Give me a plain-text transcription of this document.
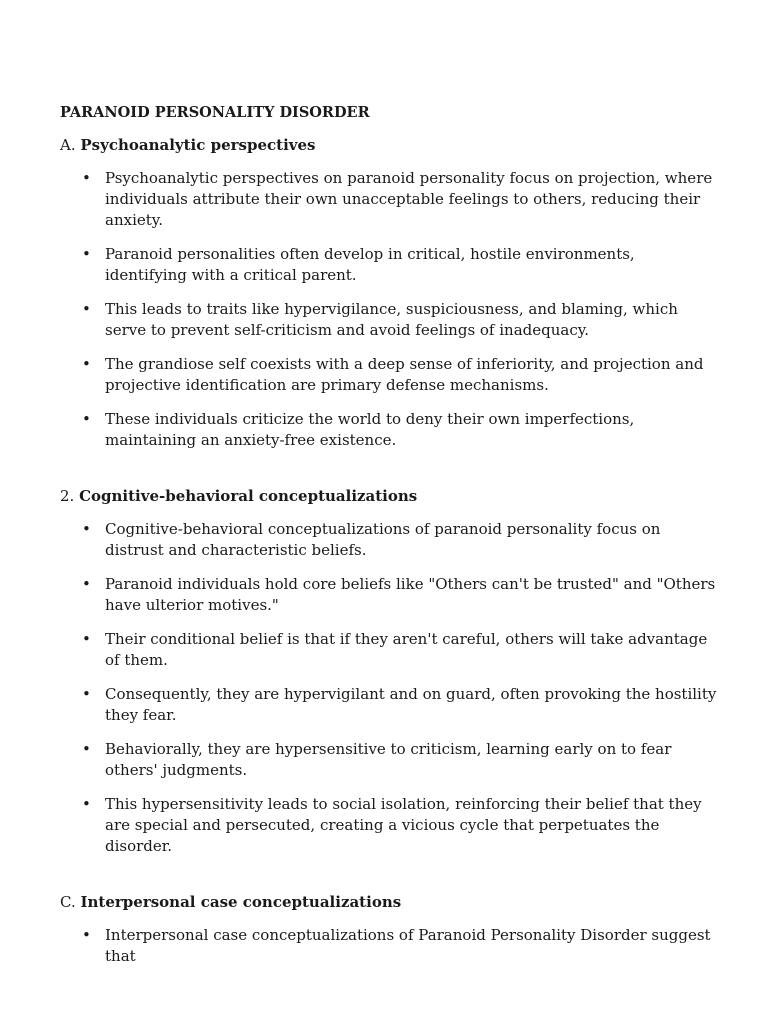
PARANOID PERSONALITY DISORDER
A. Psychoanalytic perspectives
• Psychoanalytic perspectives on paranoid personality focus on projection, where individuals attribute their own unacceptable feelings to others, reducing their anxiety.
• Paranoid personalities often develop in critical, hostile environments, identifying with a critical parent.
• This leads to traits like hypervigilance, suspiciousness, and blaming, which serve to prevent self-criticism and avoid feelings of inadequacy.
• The grandiose self coexists with a deep sense of inferiority, and projection and projective identification are primary defense mechanisms.
• These individuals criticize the world to deny their own imperfections, maintaining an anxiety-free existence.
2. Cognitive-behavioral conceptualizations
• Cognitive-behavioral conceptualizations of paranoid personality focus on distrust and characteristic beliefs.
• Paranoid individuals hold core beliefs like "Others can't be trusted" and "Others have ulterior motives."
• Their conditional belief is that if they aren't careful, others will take advantage of them.
• Consequently, they are hypervigilant and on guard, often provoking the hostility they fear.
• Behaviorally, they are hypersensitive to criticism, learning early on to fear others' judgments.
• This hypersensitivity leads to social isolation, reinforcing their belief that they are special and persecuted, creating a vicious cycle that perpetuates the disorder.
C. Interpersonal case conceptualizations
• Interpersonal case conceptualizations of Paranoid Personality Disorder suggest that
